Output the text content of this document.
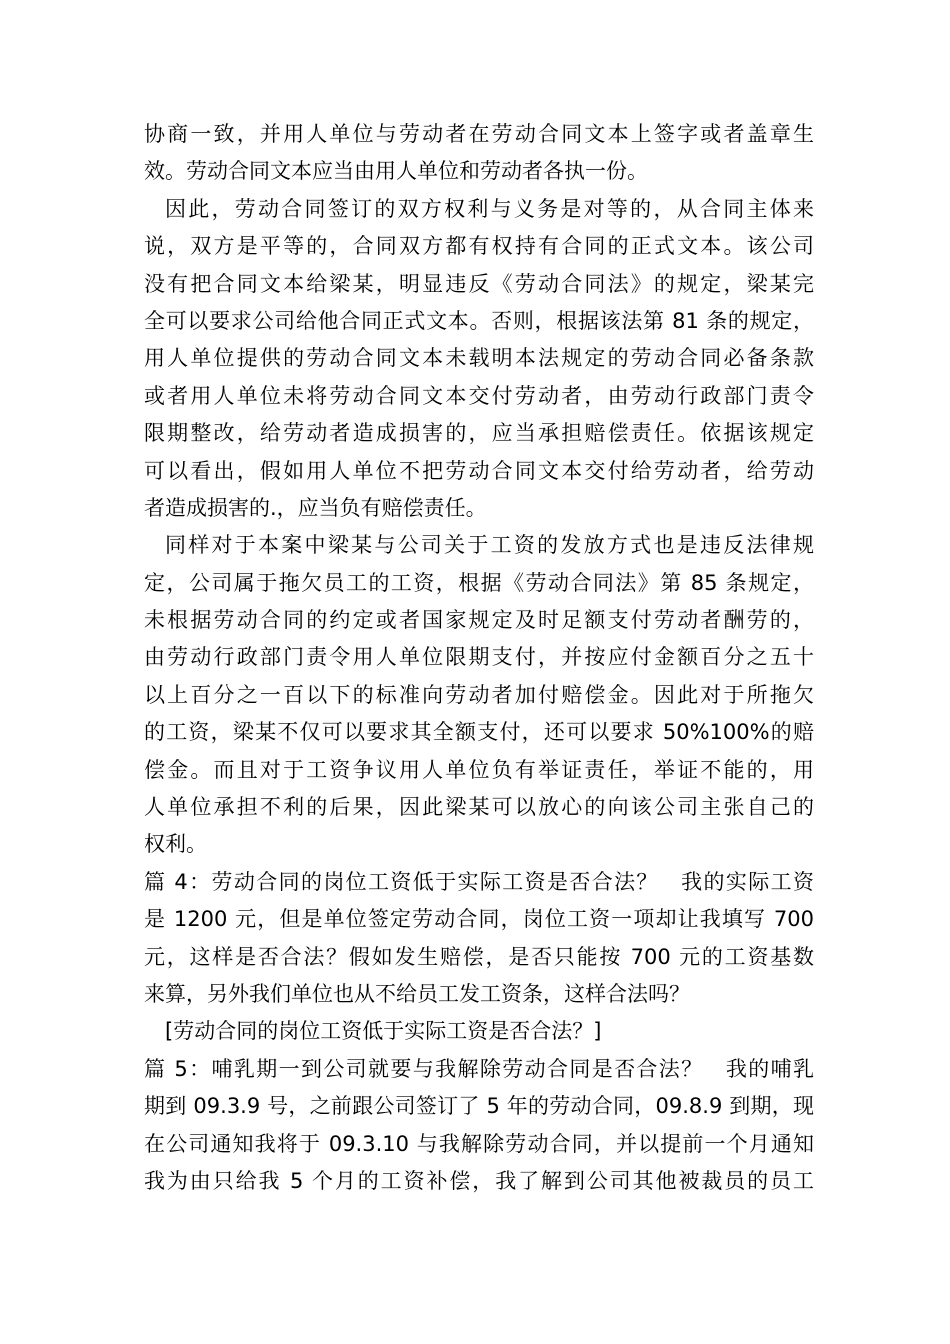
协商一致，并用人单位与劳动者在劳动合同文本上签字或者盖章生
效。劳动合同文本应当由用人单位和劳动者各执一份。
因此，劳动合同签订的双方权利与义务是对等的，从合同主体来
说，双方是平等的，合同双方都有权持有合同的正式文本。该公司
没有把合同文本给梁某，明显违反《劳动合同法》的规定，梁某完
全可以要求公司给他合同正式文本。否则，根据该法第 81 条的规定，
用人单位提供的劳动合同文本未载明本法规定的劳动合同必备条款
或者用人单位未将劳动合同文本交付劳动者，由劳动行政部门责令
限期整改，给劳动者造成损害的，应当承担赔偿责任。依据该规定
可以看出，假如用人单位不把劳动合同文本交付给劳动者，给劳动
者造成损害的.，应当负有赔偿责任。
同样对于本案中梁某与公司关于工资的发放方式也是违反法律规
定，公司属于拖欠员工的工资，根据《劳动合同法》第 85 条规定，
未根据劳动合同的约定或者国家规定及时足额支付劳动者酬劳的，
由劳动行政部门责令用人单位限期支付，并按应付金额百分之五十
以上百分之一百以下的标准向劳动者加付赔偿金。因此对于所拖欠
的工资，梁某不仅可以要求其全额支付，还可以要求 50%100%的赔
偿金。而且对于工资争议用人单位负有举证责任，举证不能的，用
人单位承担不利的后果，因此梁某可以放心的向该公司主张自己的
权利。
篇 4：劳动合同的岗位工资低于实际工资是否合法？　我的实际工资
是 1200 元，但是单位签定劳动合同，岗位工资一项却让我填写 700
元，这样是否合法？假如发生赔偿，是否只能按 700 元的工资基数
来算，另外我们单位也从不给员工发工资条，这样合法吗？
[劳动合同的岗位工资低于实际工资是否合法？]
篇 5：哺乳期一到公司就要与我解除劳动合同是否合法？　我的哺乳
期到 09.3.9 号，之前跟公司签订了 5 年的劳动合同，09.8.9 到期，现
在公司通知我将于 09.3.10 与我解除劳动合同，并以提前一个月通知
我为由只给我 5 个月的工资补偿，我了解到公司其他被裁员的员工
